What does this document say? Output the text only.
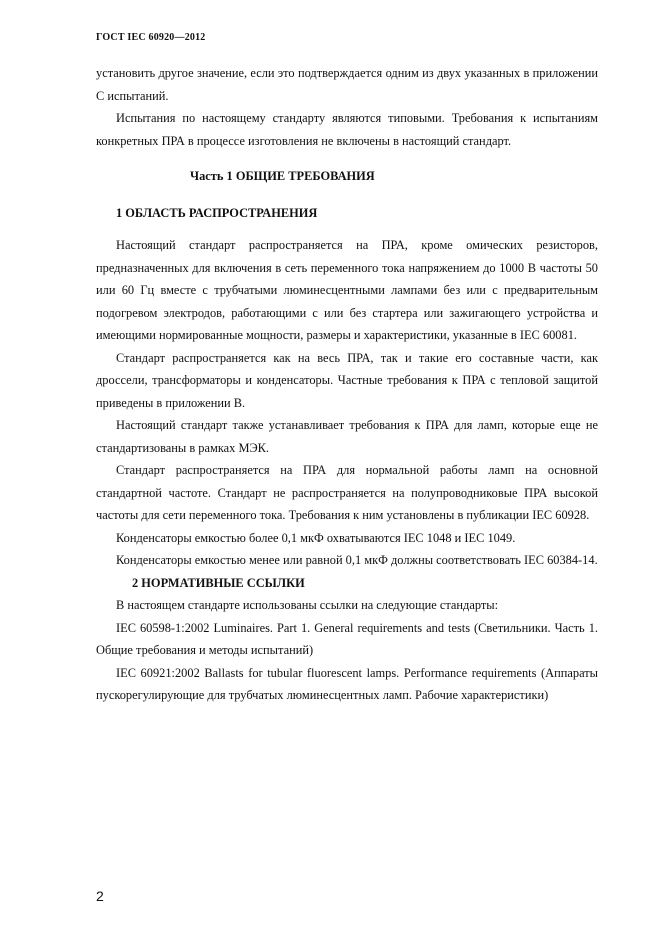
ГОСТ IEC 60920—2012

установить другое значение, если это подтверждается одним из двух указанных в приложении С испытаний.

Испытания по настоящему стандарту являются типовыми. Требования к испытаниям конкретных ПРА в процессе изготовления не включены в настоящий стандарт.

Часть 1 ОБЩИЕ ТРЕБОВАНИЯ

1 ОБЛАСТЬ РАСПРОСТРАНЕНИЯ

Настоящий стандарт распространяется на ПРА, кроме омических резисторов, предназначенных для включения в сеть переменного тока напряжением до 1000 В частоты 50 или 60 Гц вместе с трубчатыми люминесцентными лампами без или с предварительным подогревом электродов, работающими с или без стартера или зажигающего устройства и имеющими нормированные мощности, размеры и характеристики, указанные в IEC 60081.

Стандарт распространяется как на весь ПРА, так и такие его составные части, как дроссели, трансформаторы и конденсаторы. Частные требования к ПРА с тепловой защитой приведены в приложении В.

Настоящий стандарт также устанавливает требования к ПРА для ламп, которые еще не стандартизованы в рамках МЭК.

Стандарт распространяется на ПРА для нормальной работы ламп на основной стандартной частоте. Стандарт не распространяется на полупроводниковые ПРА высокой частоты для сети переменного тока. Требования к ним установлены в публикации IEC 60928.

Конденсаторы емкостью более 0,1 мкФ охватываются IEC 1048 и IEC 1049.

Конденсаторы емкостью менее или равной 0,1 мкФ должны соответствовать IEC 60384-14.

2 НОРМАТИВНЫЕ ССЫЛКИ

В настоящем стандарте использованы ссылки на следующие стандарты:

IEC 60598-1:2002 Luminaires. Part 1. General requirements and tests (Светильники. Часть 1. Общие требования и методы испытаний)

IEC 60921:2002 Ballasts for tubular fluorescent lamps. Performance requirements (Аппараты пускорегулирующие для трубчатых люминесцентных ламп. Рабочие характеристики)

2
